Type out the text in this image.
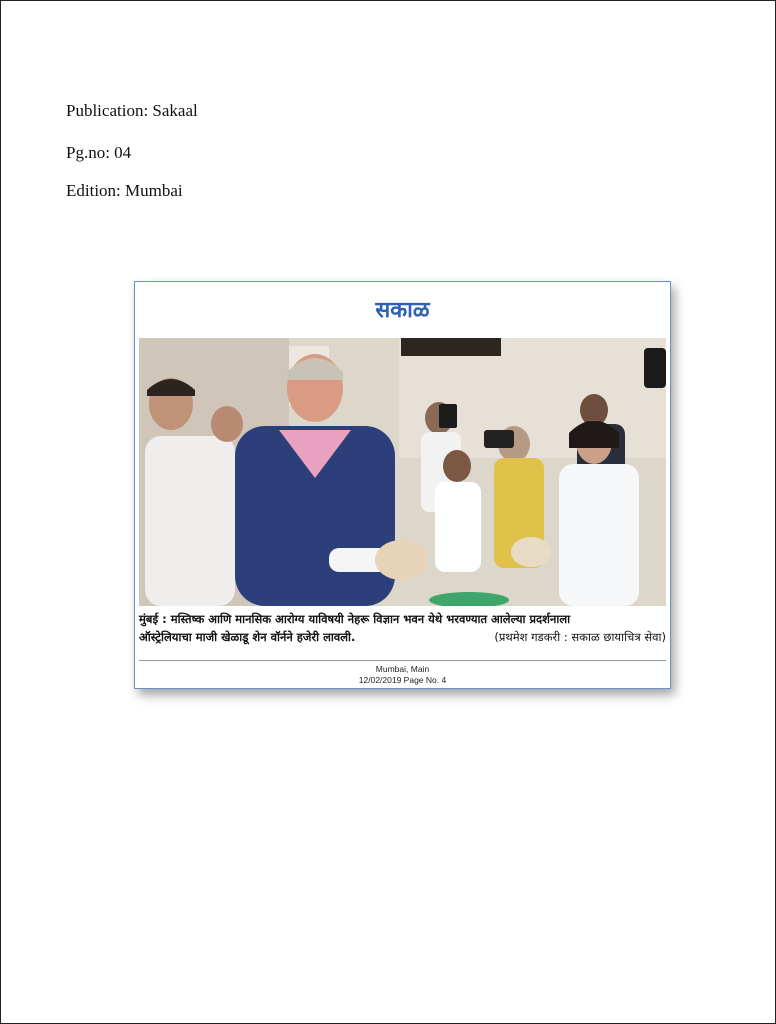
Publication: Sakaal
Pg.no: 04
Edition: Mumbai
सकाळ
मुंबई : मस्तिष्क आणि मानसिक आरोग्य याविषयी नेहरू विज्ञान भवन येथे भरवण्यात आलेल्या प्रदर्शनाला
ऑस्ट्रेलियाचा माजी खेळाडू शेन वॉर्नने हजेरी लावली.	(प्रथमेश गडकरी : सकाळ छायाचित्र सेवा)
Mumbai, Main
12/02/2019 Page No. 4
